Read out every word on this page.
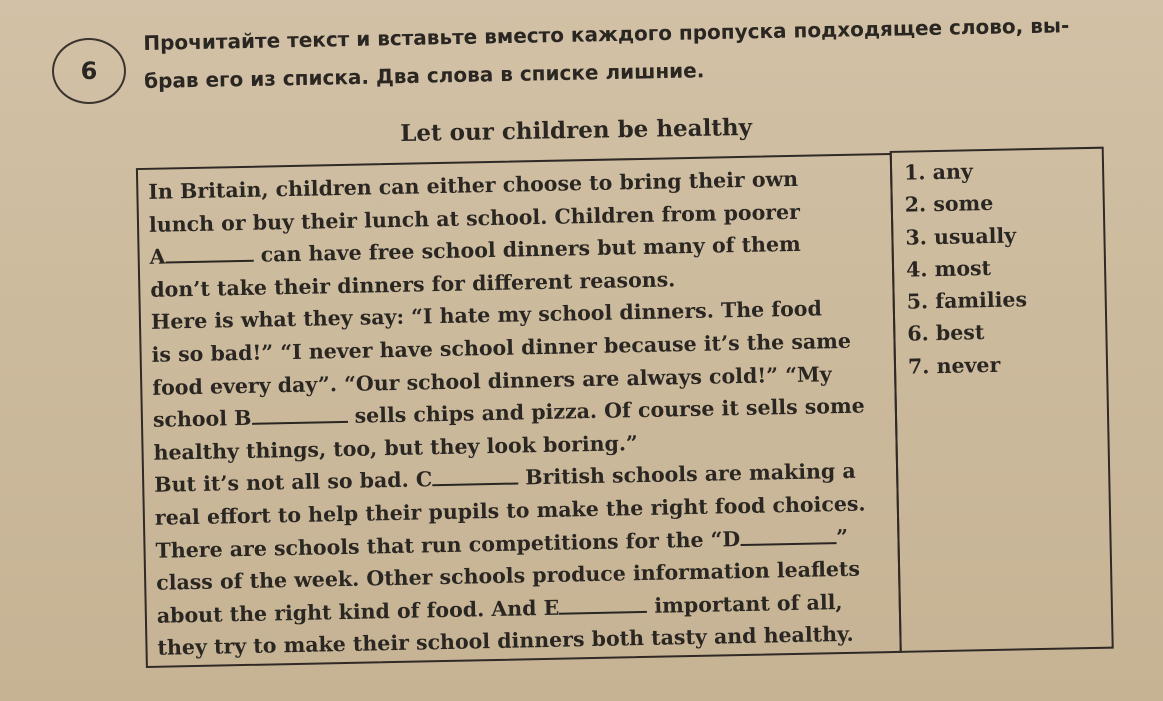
6
Прочитайте текст и вставьте вместо каждого пропуска подходящее слово, вы-
брав его из списка. Два слова в списке лишние.
Let our children be healthy
In Britain, children can either choose to bring their own
lunch or buy their lunch at school. Children from poorer
A	can have free school dinners but many of them
don’t take their dinners for different reasons.
Here is what they say: “I hate my school dinners. The food
is so bad!” “I never have school dinner because it’s the same
food every day”. “Our school dinners are always cold!” “My
school B	sells chips and pizza. Of course it sells some
healthy things, too, but they look boring.”
But it’s not all so bad. C	British schools are making a
real effort to help their pupils to make the right food choices.
There are schools that run competitions for the “D	”
class of the week. Other schools produce information leaflets
about the right kind of food. And E	important of all,
they try to make their school dinners both tasty and healthy.
1. any
2. some
3. usually
4. most
5. families
6. best
7. never
